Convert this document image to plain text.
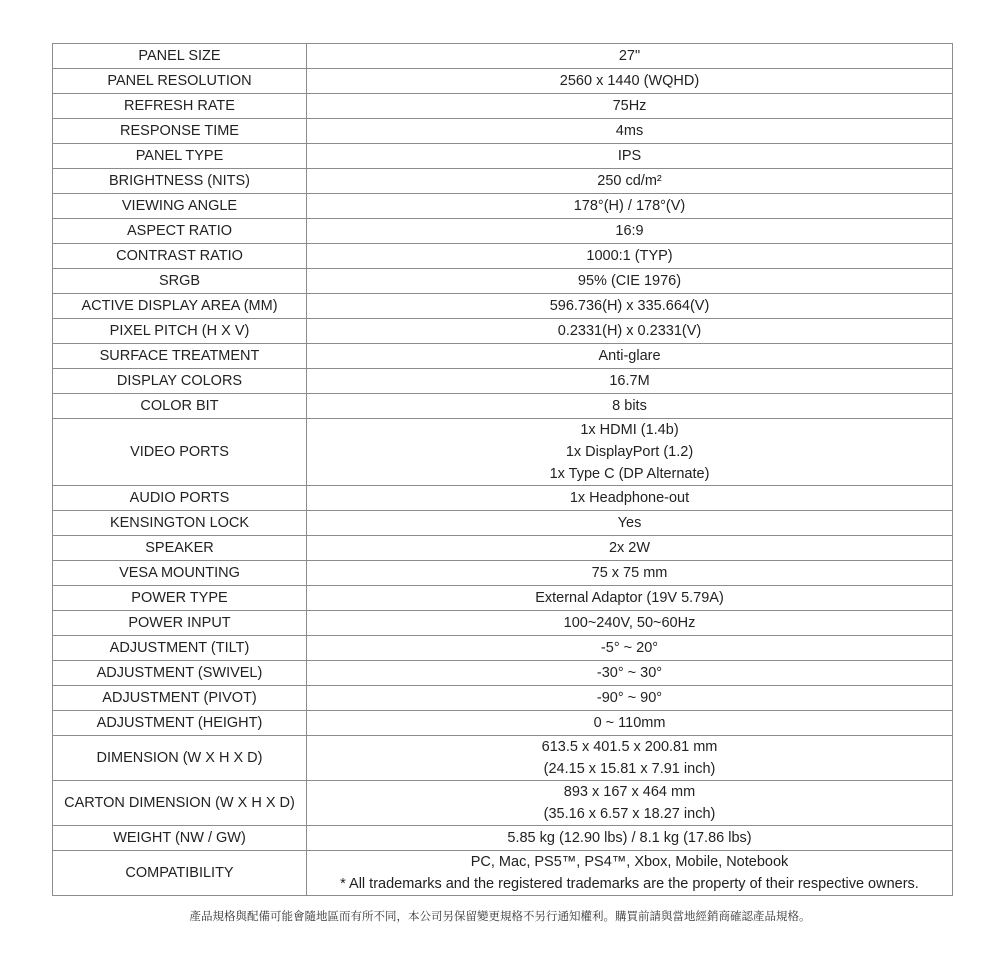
PANEL SIZE	27"

PANEL RESOLUTION	2560 x 1440 (WQHD)

REFRESH RATE	75Hz

RESPONSE TIME	4ms

PANEL TYPE	IPS

BRIGHTNESS (NITS)	250 cd/m²

VIEWING ANGLE	178°(H) / 178°(V)

ASPECT RATIO	16:9

CONTRAST RATIO	1000:1 (TYP)

SRGB	95% (CIE 1976)

ACTIVE DISPLAY AREA (MM)	596.736(H) x 335.664(V)

PIXEL PITCH (H X V)	0.2331(H) x 0.2331(V)

SURFACE TREATMENT	Anti-glare

DISPLAY COLORS	16.7M

COLOR BIT	8 bits

VIDEO PORTS	1x HDMI (1.4b)
1x DisplayPort (1.2)
1x Type C (DP Alternate)

AUDIO PORTS	1x Headphone-out

KENSINGTON LOCK	Yes

SPEAKER	2x 2W

VESA MOUNTING	75 x 75 mm

POWER TYPE	External Adaptor (19V 5.79A)

POWER INPUT	100~240V, 50~60Hz

ADJUSTMENT (TILT)	-5° ~ 20°

ADJUSTMENT (SWIVEL)	-30° ~ 30°

ADJUSTMENT (PIVOT)	-90° ~ 90°

ADJUSTMENT (HEIGHT)	0 ~ 110mm

DIMENSION (W X H X D)	613.5 x 401.5 x 200.81 mm
(24.15 x 15.81 x 7.91 inch)

CARTON DIMENSION (W X H X D)	893 x 167 x 464 mm
(35.16 x 6.57 x 18.27 inch)

WEIGHT (NW / GW)	5.85 kg (12.90 lbs) / 8.1 kg (17.86 lbs)

COMPATIBILITY	PC, Mac, PS5™, PS4™, Xbox, Mobile, Notebook
* All trademarks and the registered trademarks are the property of their respective owners.
產品規格與配備可能會隨地區而有所不同，本公司另保留變更規格不另行通知權利。購買前請與當地經銷商確認產品規格。
